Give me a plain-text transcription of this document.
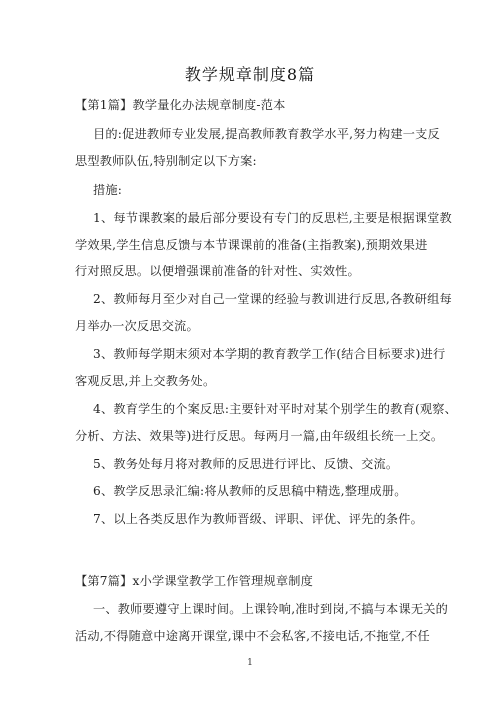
教学规章制度8篇
【第1篇】教学量化办法规章制度-范本
目的:促进教师专业发展,提高教师教育教学水平,努力构建一支反
思型教师队伍,特别制定以下方案:
措施:
1、每节课教案的最后部分要设有专门的反思栏,主要是根据课堂教
学效果,学生信息反馈与本节课课前的准备(主指教案),预期效果进
行对照反思。以便增强课前准备的针对性、实效性。
2、教师每月至少对自己一堂课的经验与教训进行反思,各教研组每
月举办一次反思交流。
3、教师每学期末须对本学期的教育教学工作(结合目标要求)进行
客观反思,并上交教务处。
4、教育学生的个案反思:主要针对平时对某个别学生的教育(观察、
分析、方法、效果等)进行反思。每两月一篇,由年级组长统一上交。
5、教务处每月将对教师的反思进行评比、反馈、交流。
6、教学反思录汇编:将从教师的反思稿中精选,整理成册。
7、以上各类反思作为教师晋级、评职、评优、评先的条件。
【第7篇】x小学课堂教学工作管理规章制度
一、教师要遵守上课时间。上课铃响,准时到岗,不搞与本课无关的
活动,不得随意中途离开课堂,课中不会私客,不接电话,不拖堂,不任
1
